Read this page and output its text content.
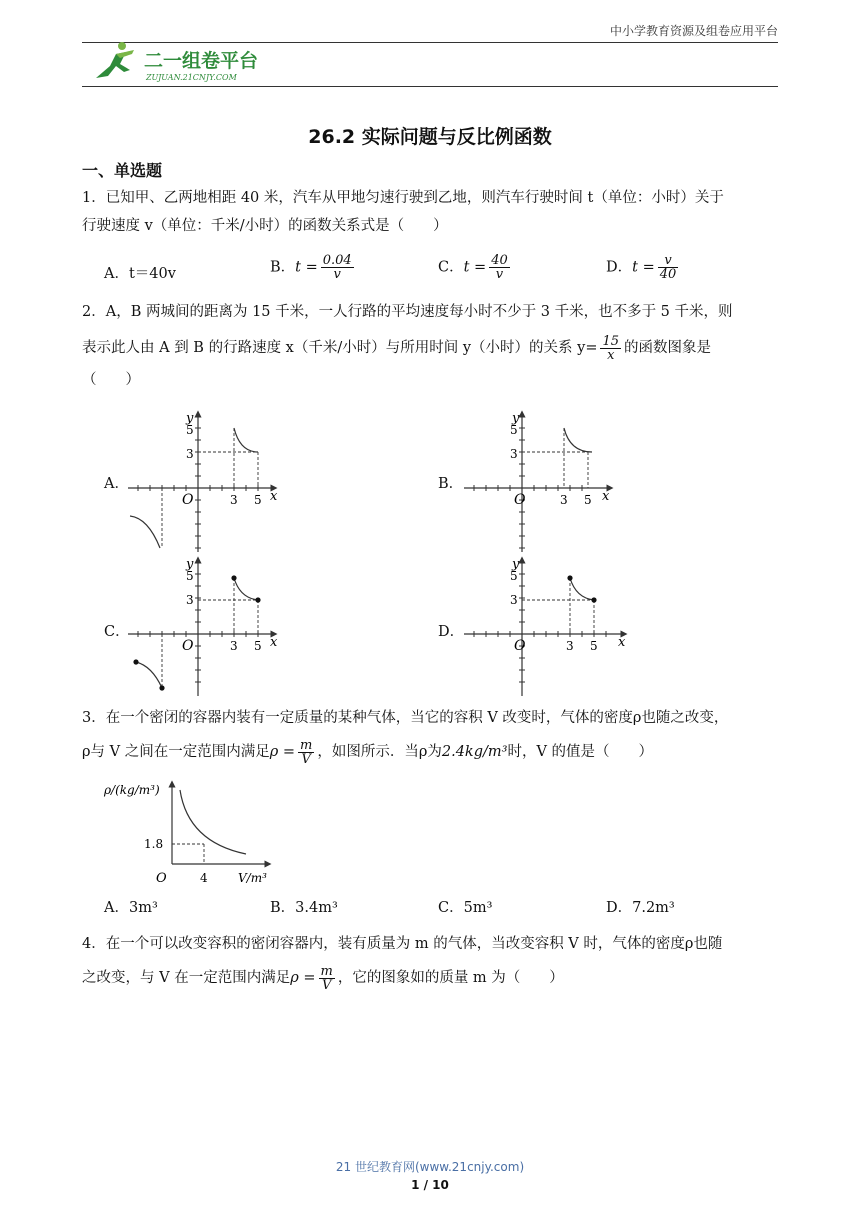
中小学教育资源及组卷应用平台
二一组卷平台
ZUJUAN.21CNJY.COM
26.2 实际问题与反比例函数
一、单选题
1．已知甲、乙两地相距 40 米，汽车从甲地匀速行驶到乙地，则汽车行驶时间 t（单位：小时）关于
行驶速度 v（单位：千米/小时）的函数关系式是（　　）
A．t＝40v	B．$t = \frac{0.04}{v}$	C．$t = \frac{40}{v}$	D．$t = \frac{v}{40}$
2．A，B 两城间的距离为 15 千米，一人行路的平均速度每小时不少于 3 千米，也不多于 5 千米，则
表示此人由 A 到 B 的行路速度 x（千米/小时）与所用时间 y（小时）的关系 $y= \frac{15}{x}$ 的函数图象是
（　　）
A．	B．
C．	D．
y
x
O
5
3
3 5
y
x
O
5
3
3 5
y
x
O
5
3
3 5
y
x
O
5
3
3 5
3．在一个密闭的容器内装有一定质量的某种气体，当它的容积 V 改变时，气体的密度ρ也随之改变，
ρ与 V 之间在一定范围内满足$\rho = \frac{m}{V}$ ，如图所示．当ρ为2.4kg/m³时，V 的值是（　　）
ρ/(kg/m³)
V/m³
O
1.8
4
A．3m³	B．3.4m³	C．5m³	D．7.2m³
4．在一个可以改变容积的密闭容器内，装有质量为 m 的气体，当改变容积 V 时，气体的密度ρ也随
之改变，与 V 在一定范围内满足$\rho = \frac{m}{V}$ ，它的图象如的质量 m 为（　　）
21 世纪教育网(www.21cnjy.com)
1 / 10
